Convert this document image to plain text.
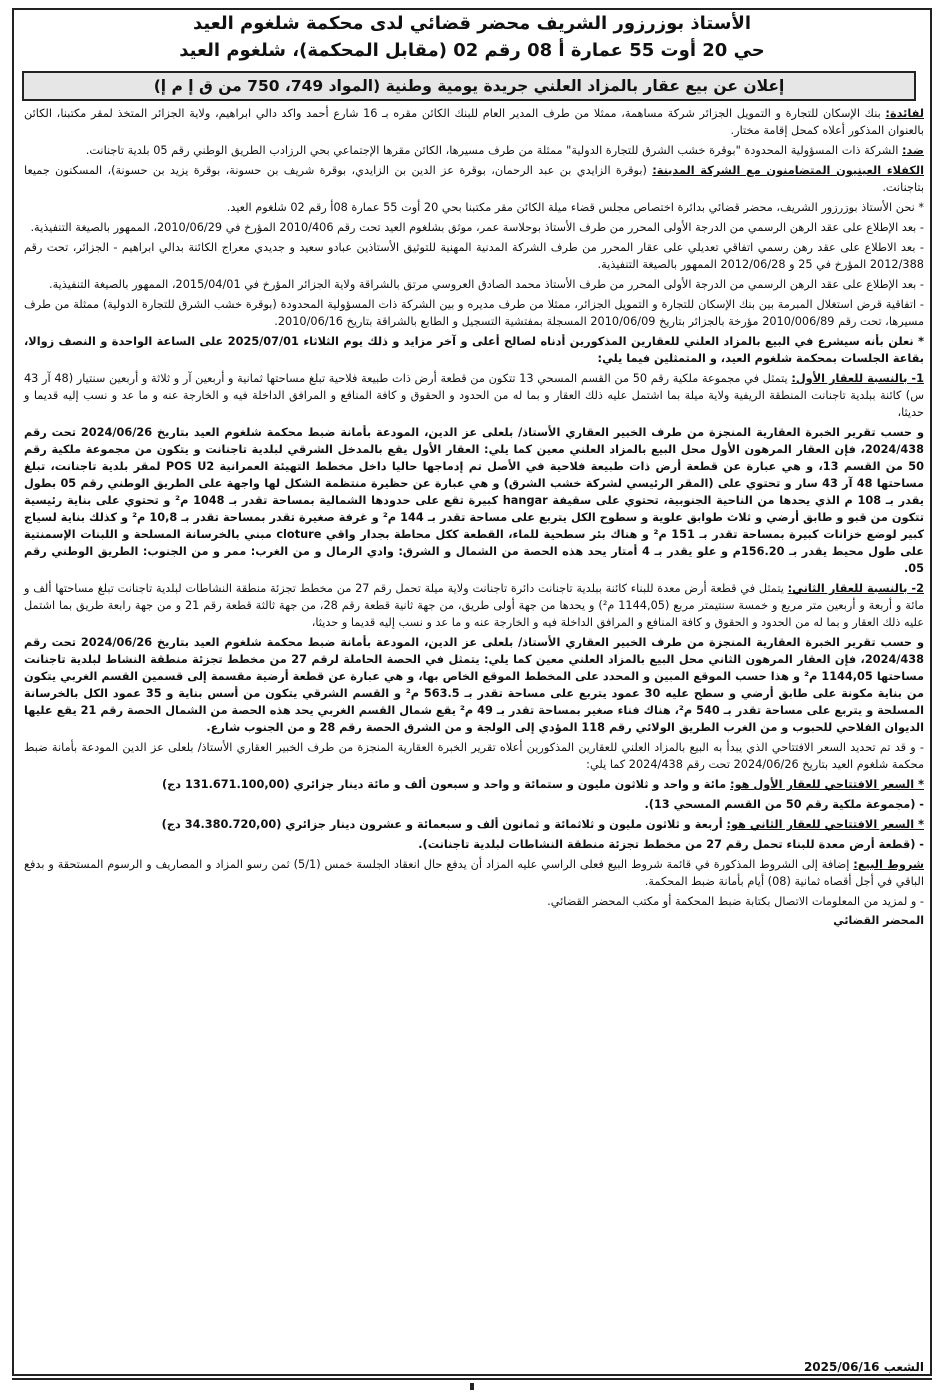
الأستاذ بوزرزور الشريف محضر قضائي لدى محكمة شلغوم العيد
حي 20 أوت 55 عمارة أ 08 رقم 02 (مقابل المحكمة)، شلغوم العيد
إعلان عن بيع عقار بالمزاد العلني جريدة يومية وطنية (المواد 749، 750 من ق إ م إ)

لفائدة: بنك الإسكان للتجارة و التمويل الجزائر شركة مساهمة، ممثلا من طرف المدير العام للبنك الكائن مقره بـ 16 شارع أحمد واكد دالي ابراهيم، ولاية الجزائر المتخذ لمقر مكتبنا، الكائن بالعنوان المذكور أعلاه كمحل إقامة مختار.

ضد: الشركة ذات المسؤولية المحدودة "بوقرة خشب الشرق للتجارة الدولية" ممثلة من طرف مسيرها، الكائن مقرها الإجتماعي بحي الرزادب الطريق الوطني رقم 05 بلدية تاجنانت.

الكفلاء العينيون المتضامنون مع الشركة المدينة: (بوقرة الزايدي بن عبد الرحمان، بوقرة عز الدين بن الزايدي، بوقرة شريف بن حسونة، بوقرة يزيد بن حسونة)، المسكنون جميعا بتاجنانت.

* نحن الأستاذ بوزرزور الشريف، محضر قضائي بدائرة اختصاص مجلس قضاء ميلة الكائن مقر مكتبنا بحي 20 أوت 55 عمارة 08أ رقم 02 شلغوم العيد.

- بعد الإطلاع على عقد الرهن الرسمي من الدرجة الأولى المحرر من طرف الأستاذ بوحلاسة عمر، موثق بشلغوم العيد تحت رقم 2010/406 المؤرخ في 2010/06/29، الممهور بالصيغة التنفيذية.

- بعد الاطلاع على عقد رهن رسمي اتفاقي تعديلي على عقار المحرر من طرف الشركة المدنية المهنية للتوثيق الأستاذين عبادو سعيد و جديدي معراج الكائنة بدالي ابراهيم - الجزائر، تحت رقم 2012/388 المؤرخ في 25 و 2012/06/28 الممهور بالصيغة التنفيذية.

- بعد الإطلاع على عقد الرهن الرسمي من الدرجة الأولى المحرر من طرف الأستاذ محمد الصادق العروسي مرتق بالشراقة ولاية الجزائر المؤرخ في 2015/04/01، الممهور بالصيغة التنفيذية.

- اتفاقية قرض استغلال المبرمة بين بنك الإسكان للتجارة و التمويل الجزائر، ممثلا من طرف مديره و بين الشركة ذات المسؤولية المحدودة (بوقرة خشب الشرق للتجارة الدولية) ممثلة من طرف مسيرها، تحت رقم 2010/006/89 مؤرخة بالجزائر بتاريخ 2010/06/09 المسجلة بمفتشية التسجيل و الطابع بالشراقة بتاريخ 2010/06/16.

* نعلن بأنه سيشرع في البيع بالمزاد العلني للعقارين المذكورين أدناه لصالح أعلى و آخر مزايد و ذلك يوم الثلاثاء 2025/07/01 على الساعة الواحدة و النصف زوالا، بقاعة الجلسات بمحكمة شلغوم العيد، و المتمثلين فيما يلي:

1- بالنسبة للعقار الأول: يتمثل في مجموعة ملكية رقم 50 من القسم المسحي 13 تتكون من قطعة أرض ذات طبيعة فلاحية تبلغ مساحتها ثمانية و أربعين آر و ثلاثة و أربعين سنتيار (48 آر 43 س) كائنة ببلدية تاجنانت المنطقة الريفية ولاية ميلة بما اشتمل عليه ذلك العقار و بما له من الحدود و الحقوق و كافة المنافع و المرافق الداخلة فيه و الخارجة عنه و ما عد و نسب إليه قديما و حديثا،

و حسب تقرير الخبرة العقارية المنجزة من طرف الخبير العقاري الأستاذ/ بلعلى عز الدين، المودعة بأمانة ضبط محكمة شلغوم العيد بتاريخ 2024/06/26 تحت رقم 2024/438، فإن العقار المرهون الأول محل البيع بالمزاد العلني معين كما يلي: العقار الأول يقع بالمدخل الشرقي لبلدية تاجنانت و يتكون من مجموعة ملكية رقم 50 من القسم 13، و هي عبارة عن قطعة أرض ذات طبيعة فلاحية في الأصل تم إدماجها حاليا داخل مخطط التهيئة العمرانية POS U2 لمقر بلدية تاجنانت، تبلغ مساحتها 48 آر 43 سار و تحتوي على (المقر الرئيسي لشركة خشب الشرق) و هي عبارة عن حظيرة منتظمة الشكل لها واجهة على الطريق الوطني رقم 05 بطول يقدر بـ 108 م الذي يحدها من الناحية الجنوبية، تحتوي على سقيفة hangar كبيرة تقع على حدودها الشمالية بمساحة تقدر بـ 1048 م² و تحتوي على بناية رئيسية تتكون من قبو و طابق أرضي و ثلاث طوابق علوية و سطوح الكل يتربع على مساحة تقدر بـ 144 م² و غرفة صغيرة تقدر بمساحة تقدر بـ 10,8 م² و كذلك بناية لسياج كبير لوضع خزانات كبيرة بمساحة تقدر بـ 151 م² و هناك بئر سطحية للماء، القطعة ككل محاطة بجدار واقي cloture مبني بالخرسانة المسلحة و اللبنات الإسمنتية على طول محيط يقدر بـ 156.20م و علو يقدر بـ 4 أمتار يحد هذه الحصة من الشمال و الشرق: وادي الرمال و من الغرب: ممر و من الجنوب: الطريق الوطني رقم 05.

2- بالنسبة للعقار الثاني: يتمثل في قطعة أرض معدة للبناء كائنة ببلدية تاجنانت دائرة تاجنانت ولاية ميلة تحمل رقم 27 من مخطط تجزئة منطقة النشاطات لبلدية تاجنانت تبلغ مساحتها ألف و مائة و أربعة و أربعين متر مربع و خمسة سنتيمتر مربع (1144,05 م²) و يحدها من جهة أولى طريق، من جهة ثانية قطعة رقم 28، من جهة ثالثة قطعة رقم 21 و من جهة رابعة طريق بما اشتمل عليه ذلك العقار و بما له من الحدود و الحقوق و كافة المنافع و المرافق الداخلة فيه و الخارجة عنه و ما عد و نسب إليه قديما و حديثا،

و حسب تقرير الخبرة العقارية المنجزة من طرف الخبير العقاري الأستاذ/ بلعلى عز الدين، المودعة بأمانة ضبط محكمة شلغوم العيد بتاريخ 2024/06/26 تحت رقم 2024/438، فإن العقار المرهون الثاني محل البيع بالمزاد العلني معين كما يلي: يتمثل في الحصة الحاملة لرقم 27 من مخطط تجزئة منطقة النشاط لبلدية تاجنانت مساحتها 1144,05 م² و هذا حسب الموقع المبين و المحدد على المخطط الموقع الخاص بها، و هي عبارة عن قطعة أرضية مقسمة إلى قسمين القسم الغربي يتكون من بناية مكونة على طابق أرضي و سطح عليه 30 عمود يتربع على مساحة تقدر بـ 563.5 م² و القسم الشرقي يتكون من أسس بناية و 35 عمود الكل بالخرسانة المسلحة و يتربع على مساحة تقدر بـ 540 م²، هناك فناء صغير بمساحة تقدر بـ 49 م² يقع شمال القسم الغربي يحد هذه الحصة من الشمال الحصة رقم 21 يقع عليها الديوان الفلاحي للحبوب و من الغرب الطريق الولائي رقم 118 المؤدي إلى الولجة و من الشرق الحصة رقم 28 و من الجنوب شارع.

- و قد تم تحديد السعر الافتتاحي الذي يبدأ به البيع بالمزاد العلني للعقارين المذكورين أعلاه تقرير الخبرة العقارية المنجزة من طرف الخبير العقاري الأستاذ/ بلعلى عز الدين المودعة بأمانة ضبط محكمة شلغوم العيد بتاريخ 2024/06/26 تحت رقم 2024/438 كما يلي:

* السعر الافتتاحي للعقار الأول هو: مائة و واحد و ثلاثون مليون و ستمائة و واحد و سبعون ألف و مائة دينار جزائري (131.671.100,00 دج)

- (مجموعة ملكية رقم 50 من القسم المسحي 13).

* السعر الافتتاحي للعقار الثاني هو: أربعة و ثلاثون مليون و ثلاثمائة و ثمانون ألف و سبعمائة و عشرون دينار جزائري (34.380.720,00 دج)

- (قطعة أرض معدة للبناء تحمل رقم 27 من مخطط تجزئة منطقة النشاطات لبلدية تاجنانت).

شروط البيع: إضافة إلى الشروط المذكورة في قائمة شروط البيع فعلى الراسي عليه المزاد أن يدفع حال انعقاد الجلسة خمس (5/1) ثمن رسو المزاد و المصاريف و الرسوم المستحقة و بدفع الباقي في أجل أقصاه ثمانية (08) أيام بأمانة ضبط المحكمة.

- و لمزيد من المعلومات الاتصال بكتابة ضبط المحكمة أو مكتب المحضر القضائي.

المحضر القضائي
الشعب 2025/06/16
